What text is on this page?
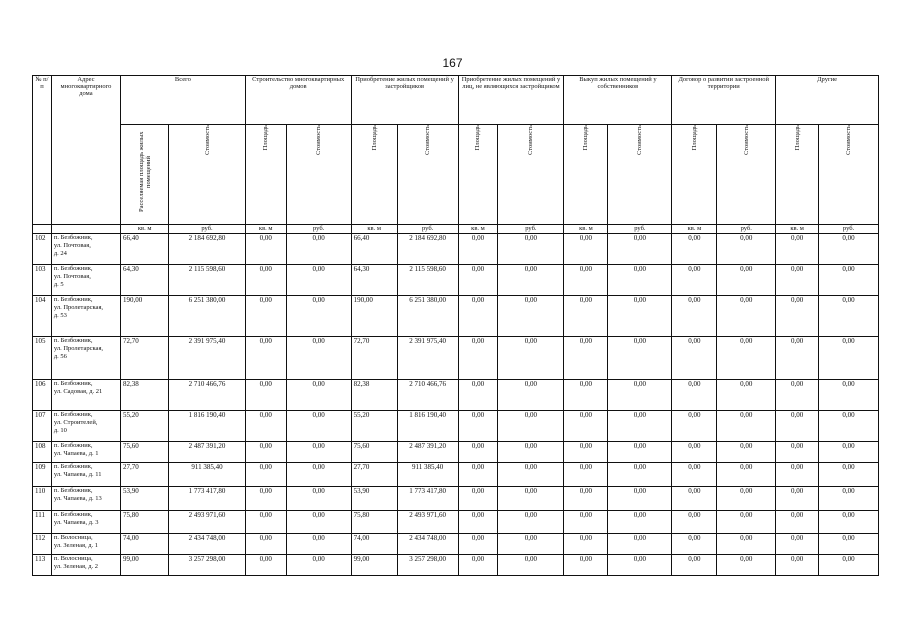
167
№ п/п	Адрес многоквартирного дома	Всего		Строительство многоквартирных домов		Приобретение жилых помещений у застройщиков		Приобретение жилых помещений у лиц, не являющихся застройщиком		Выкуп жилых помещений у собственников		Договор о развитии застроенной территории		Другие	
		Расселяемая площадь жилых помещений	Стоимость	Площадь	Стоимость	Площадь	Стоимость	Площадь	Стоимость	Площадь	Стоимость	Площадь	Стоимость	Площадь	Стоимость
		кв. м	руб.	кв. м	руб.	кв. м	руб.	кв. м	руб.	кв. м	руб.	кв. м	руб.	кв. м	руб.
102	п. Безбожник,
ул. Почтовая,
д. 24	66,40	2 184 692,80	0,00	0,00	66,40	2 184 692,80	0,00	0,00	0,00	0,00	0,00	0,00	0,00	0,00
103	п. Безбожник,
ул. Почтовая,
д. 5	64,30	2 115 598,60	0,00	0,00	64,30	2 115 598,60	0,00	0,00	0,00	0,00	0,00	0,00	0,00	0,00
104	п. Безбожник,
ул. Пролетарская,
д. 53	190,00	6 251 380,00	0,00	0,00	190,00	6 251 380,00	0,00	0,00	0,00	0,00	0,00	0,00	0,00	0,00
105	п. Безбожник,
ул. Пролетарская,
д. 56	72,70	2 391 975,40	0,00	0,00	72,70	2 391 975,40	0,00	0,00	0,00	0,00	0,00	0,00	0,00	0,00
106	п. Безбожник,
ул. Садовая, д. 21	82,38	2 710 466,76	0,00	0,00	82,38	2 710 466,76	0,00	0,00	0,00	0,00	0,00	0,00	0,00	0,00
107	п. Безбожник,
ул. Строителей,
д. 10	55,20	1 816 190,40	0,00	0,00	55,20	1 816 190,40	0,00	0,00	0,00	0,00	0,00	0,00	0,00	0,00
108	п. Безбожник,
ул. Чапаева, д. 1	75,60	2 487 391,20	0,00	0,00	75,60	2 487 391,20	0,00	0,00	0,00	0,00	0,00	0,00	0,00	0,00
109	п. Безбожник,
ул. Чапаева, д. 11	27,70	911 385,40	0,00	0,00	27,70	911 385,40	0,00	0,00	0,00	0,00	0,00	0,00	0,00	0,00
110	п. Безбожник,
ул. Чапаева, д. 13	53,90	1 773 417,80	0,00	0,00	53,90	1 773 417,80	0,00	0,00	0,00	0,00	0,00	0,00	0,00	0,00
111	п. Безбожник,
ул. Чапаева, д. 3	75,80	2 493 971,60	0,00	0,00	75,80	2 493 971,60	0,00	0,00	0,00	0,00	0,00	0,00	0,00	0,00
112	п. Волосница,
ул. Зеленая, д. 1	74,00	2 434 748,00	0,00	0,00	74,00	2 434 748,00	0,00	0,00	0,00	0,00	0,00	0,00	0,00	0,00
113	п. Волосница,
ул. Зеленая, д. 2	99,00	3 257 298,00	0,00	0,00	99,00	3 257 298,00	0,00	0,00	0,00	0,00	0,00	0,00	0,00	0,00
